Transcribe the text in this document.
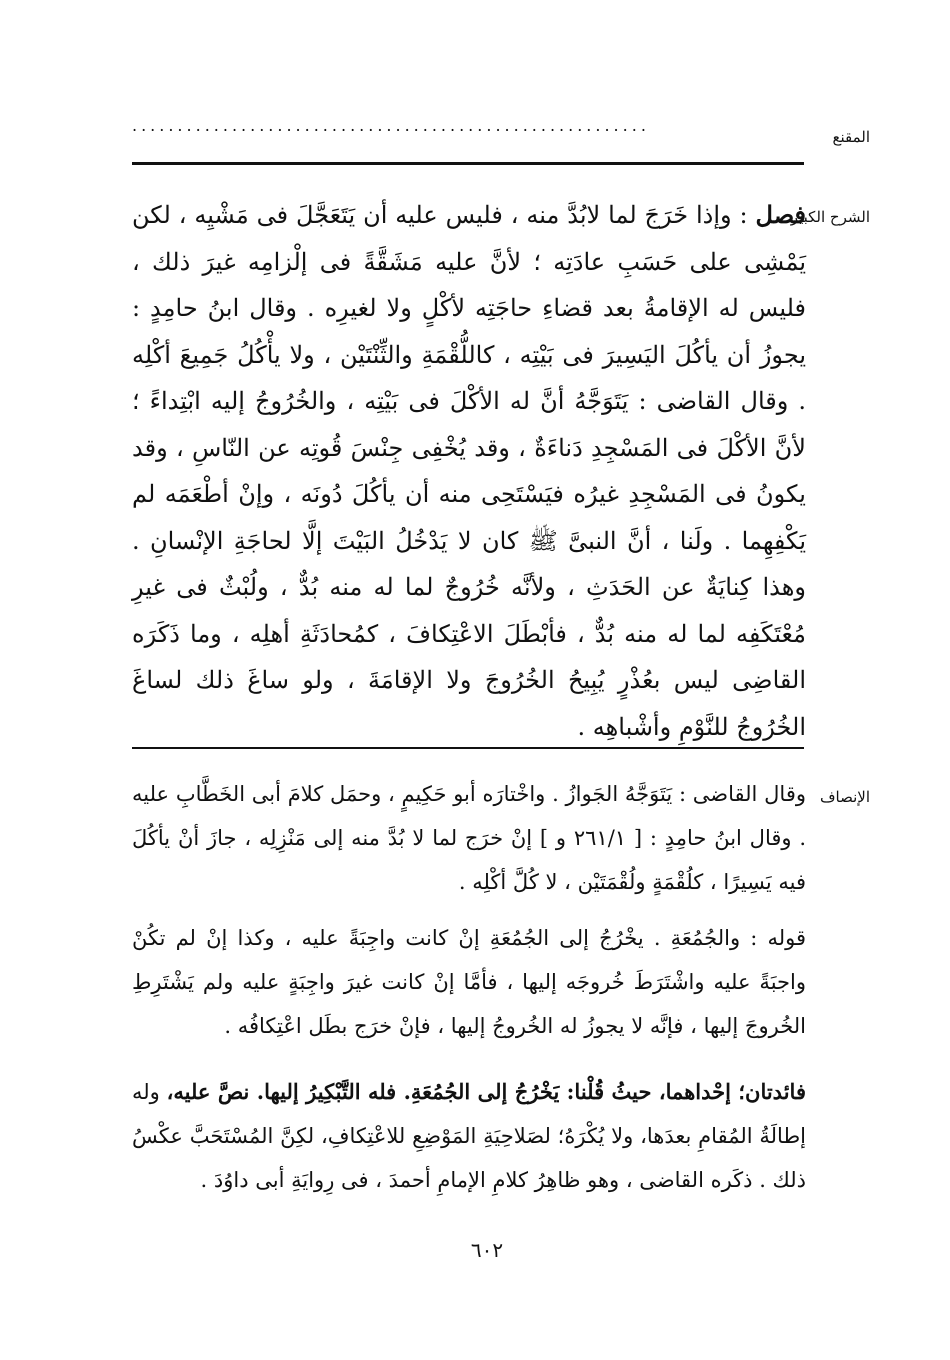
المقنع
.........................................................
الشرح الكبير

فصل : وإذا خَرَجَ لما لابُدَّ منه ، فليس عليه أن يَتَعَجَّلَ فى مَشْيِه ، لكن يَمْشِى على حَسَبِ عادَتِه ؛ لأنَّ عليه مَشَقَّةً فى إلْزامِه غيرَ ذلك ، فليس له الإقامةُ بعد قضاءِ حاجَتِه لأكْلٍ ولا لغيرِه . وقال ابنُ حامِدٍ : يجوزُ أن يأكُلَ اليَسِيرَ فى بَيْتِه ، كاللُّقْمَةِ والثِّنْتَيْن ، ولا يأْكُلُ جَمِيعَ أكْلِه . وقال القاضى : يَتَوَجَّهُ أنَّ له الأكْلَ فى بَيْتِه ، والخُرُوجُ إليه ابْتِداءً ؛ لأنَّ الأكْلَ فى المَسْجِدِ دَناءَةٌ ، وقد يُخْفِى جِنْسَ قُوتِه عن النّاسِ ، وقد يكونُ فى المَسْجِدِ غيرُه فيَسْتَحِى منه أن يأكُلَ دُونَه ، وإنْ أطْعَمَه لم يَكْفِهِما . ولَنا ، أنَّ النبىَّ ﷺ كان لا يَدْخُلُ البَيْتَ إلَّا لحاجَةِ الإنْسانِ . وهذا كِنايَةٌ عن الحَدَثِ ، ولأنَّه خُرُوجٌ لما له منه بُدٌّ ، ولُبْثٌ فى غيرِ مُعْتَكَفِه لما له منه بُدٌّ ، فأبْطَلَ الاعْتِكافَ ، كمُحادَثَةِ أهلِه ، وما ذَكَرَه القاضِى ليس بعُذْرٍ يُبِيحُ الخُرُوجَ ولا الإقامَةَ ، ولو ساغَ ذلك لساغَ الخُرُوجُ للنَّوْمِ وأشْباهِه .

الإنصاف

وقال القاضى : يَتَوَجَّهُ الجَوازُ . واخْتارَه أبو حَكِيمٍ ، وحمَل كلامَ أبى الخَطَّابِ عليه . وقال ابنُ حامِدٍ : [ ٢٦١/١ و ] إنْ خرَج لما لا بُدَّ منه إلى مَنْزِلِه ، جازَ أنْ يأكُلَ فيه يَسِيرًا ، كلُقْمَةٍ ولُقْمَتَيْن ، لا كُلَّ أكْلِه .

قوله : والجُمُعَةِ . يخْرُجُ إلى الجُمُعَةِ إنْ كانت واجِبَةً عليه ، وكذا إنْ لم تكُنْ واجبَةً عليه واشْتَرَطَ خُروجَه إليها ، فأمَّا إنْ كانت غيرَ واجِبَةٍ عليه ولم يَشْتَرِطِ الخُروجَ إليها ، فإنَّه لا يجوزُ له الخُروجُ إليها ، فإنْ خرَج بطَل اعْتِكافُه .

فائدتان؛ إحْداهما، حيثُ قُلْنا: يَخْرُجُ إلى الجُمُعَةِ. فله التَّبْكِيرُ إليها. نصَّ عليه، وله إطالَةُ المُقامِ بعدَها، ولا يُكْرَهُ؛ لصَلاحِيَةِ المَوْضِعِ للاعْتِكافِ، لكِنَّ المُسْتَحَبَّ عكْسُ ذلك . ذكَره القاضى ، وهو ظاهِرُ كلامِ الإمامِ أحمدَ ، فى رِوايَةِ أبى داوُدَ .

٦٠٢
